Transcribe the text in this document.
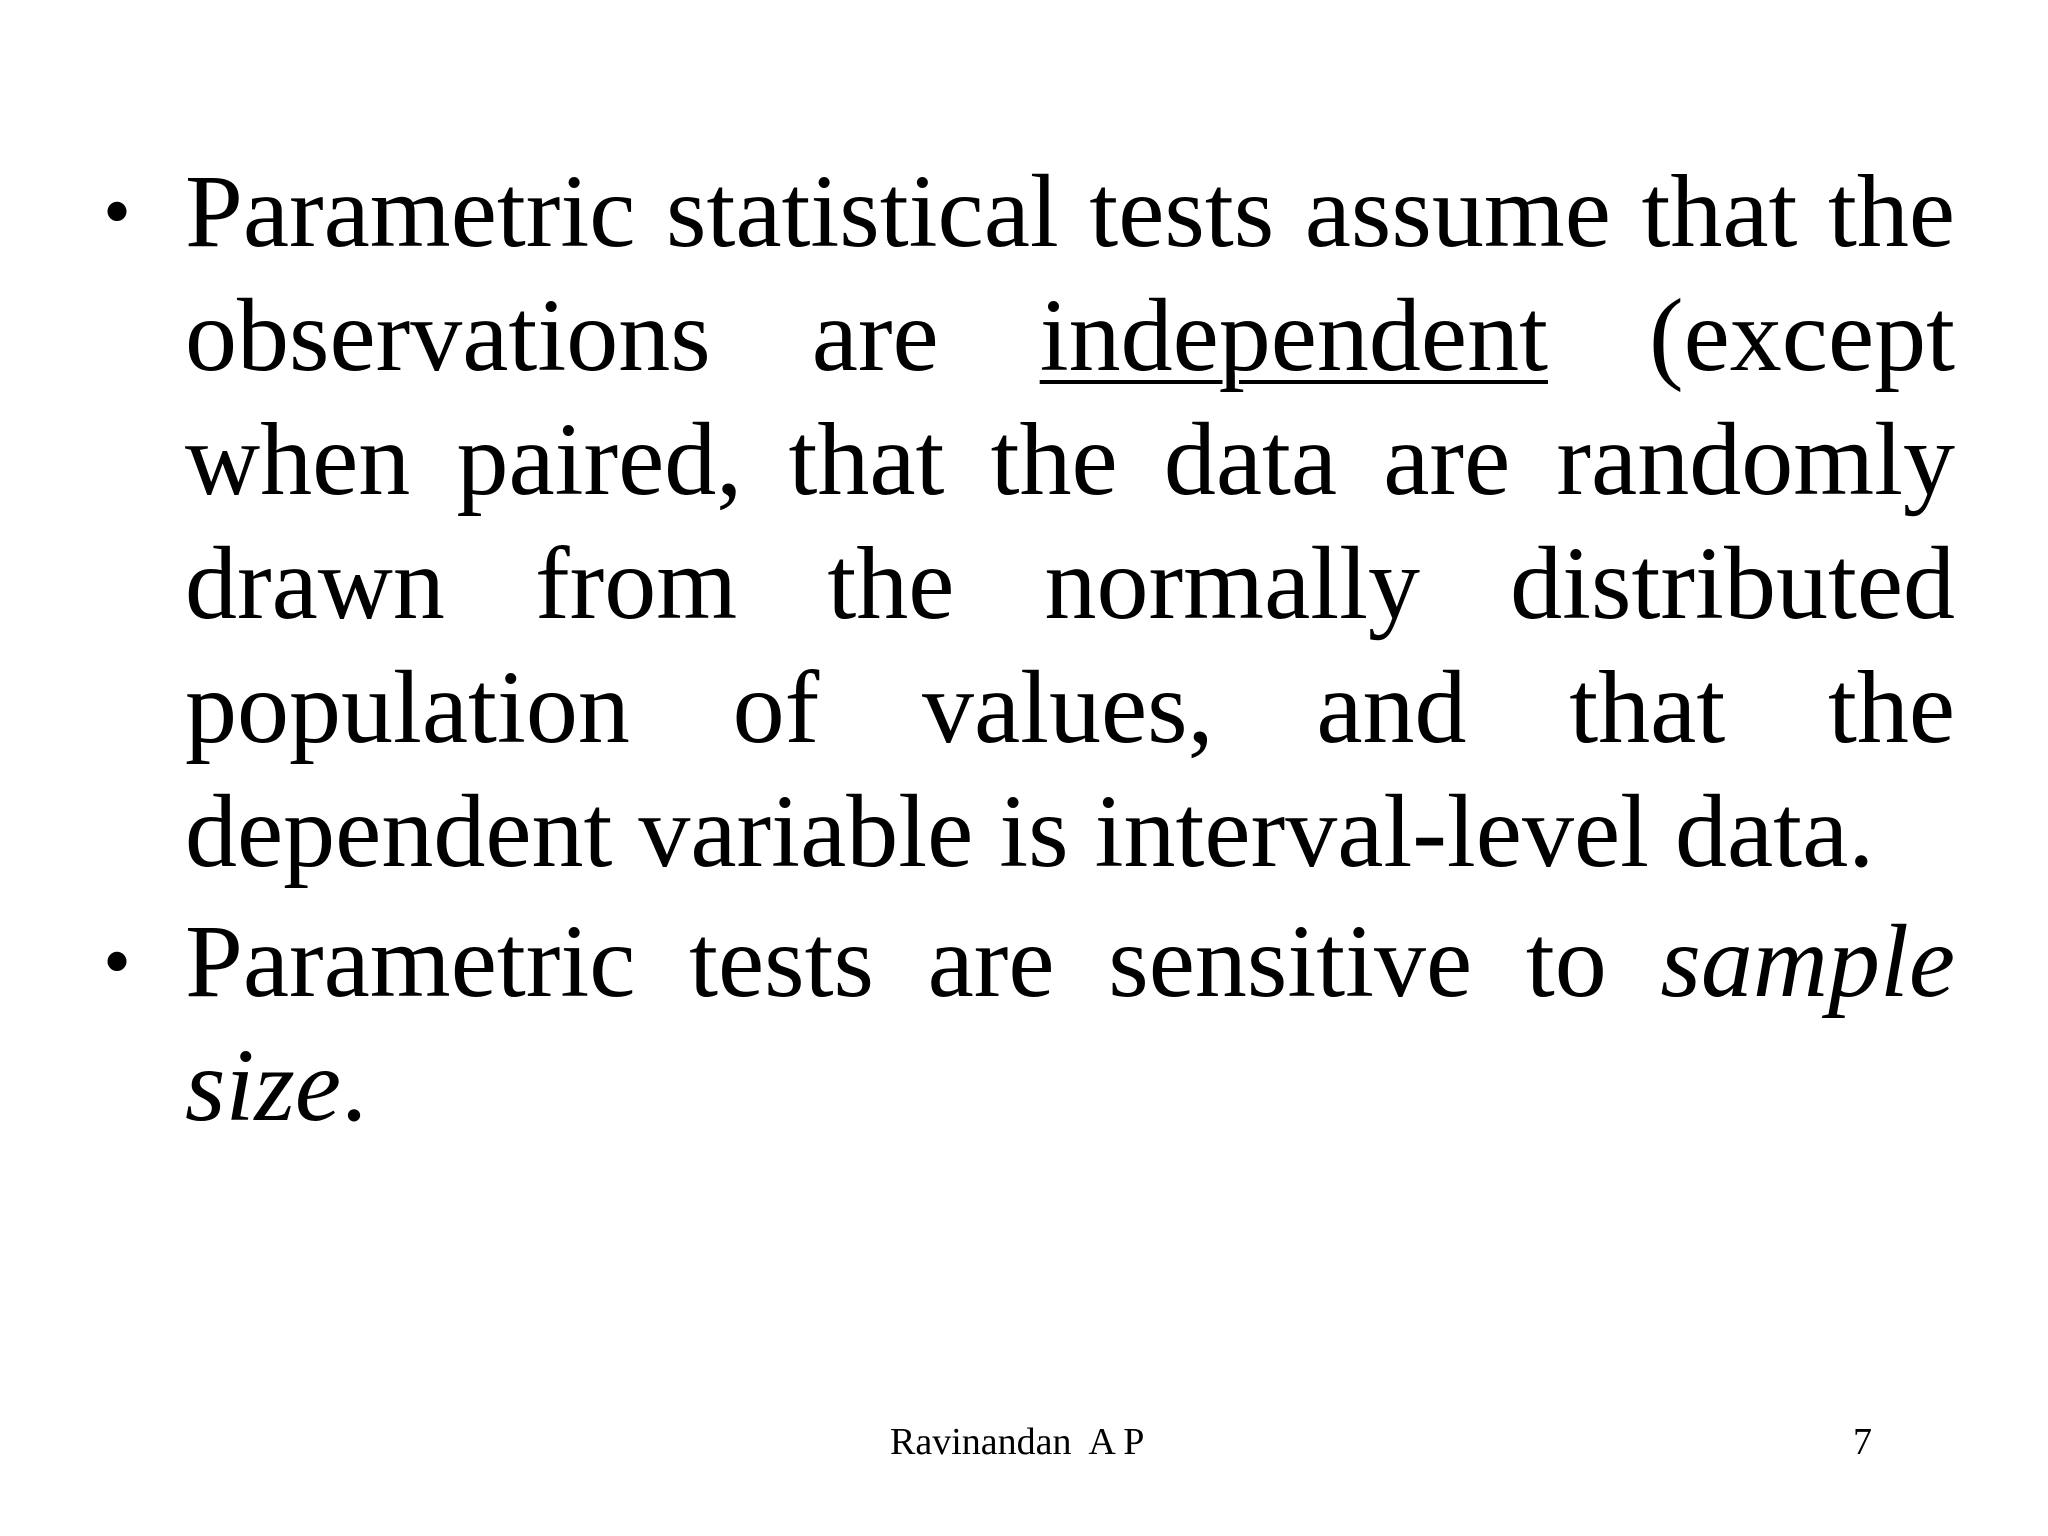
• Parametric statistical tests assume that the observations are independent (except when paired, that the data are randomly drawn from the normally distributed population of values, and that the dependent variable is interval-level data.
• Parametric tests are sensitive to sample size.
Ravinandan  A P	7
